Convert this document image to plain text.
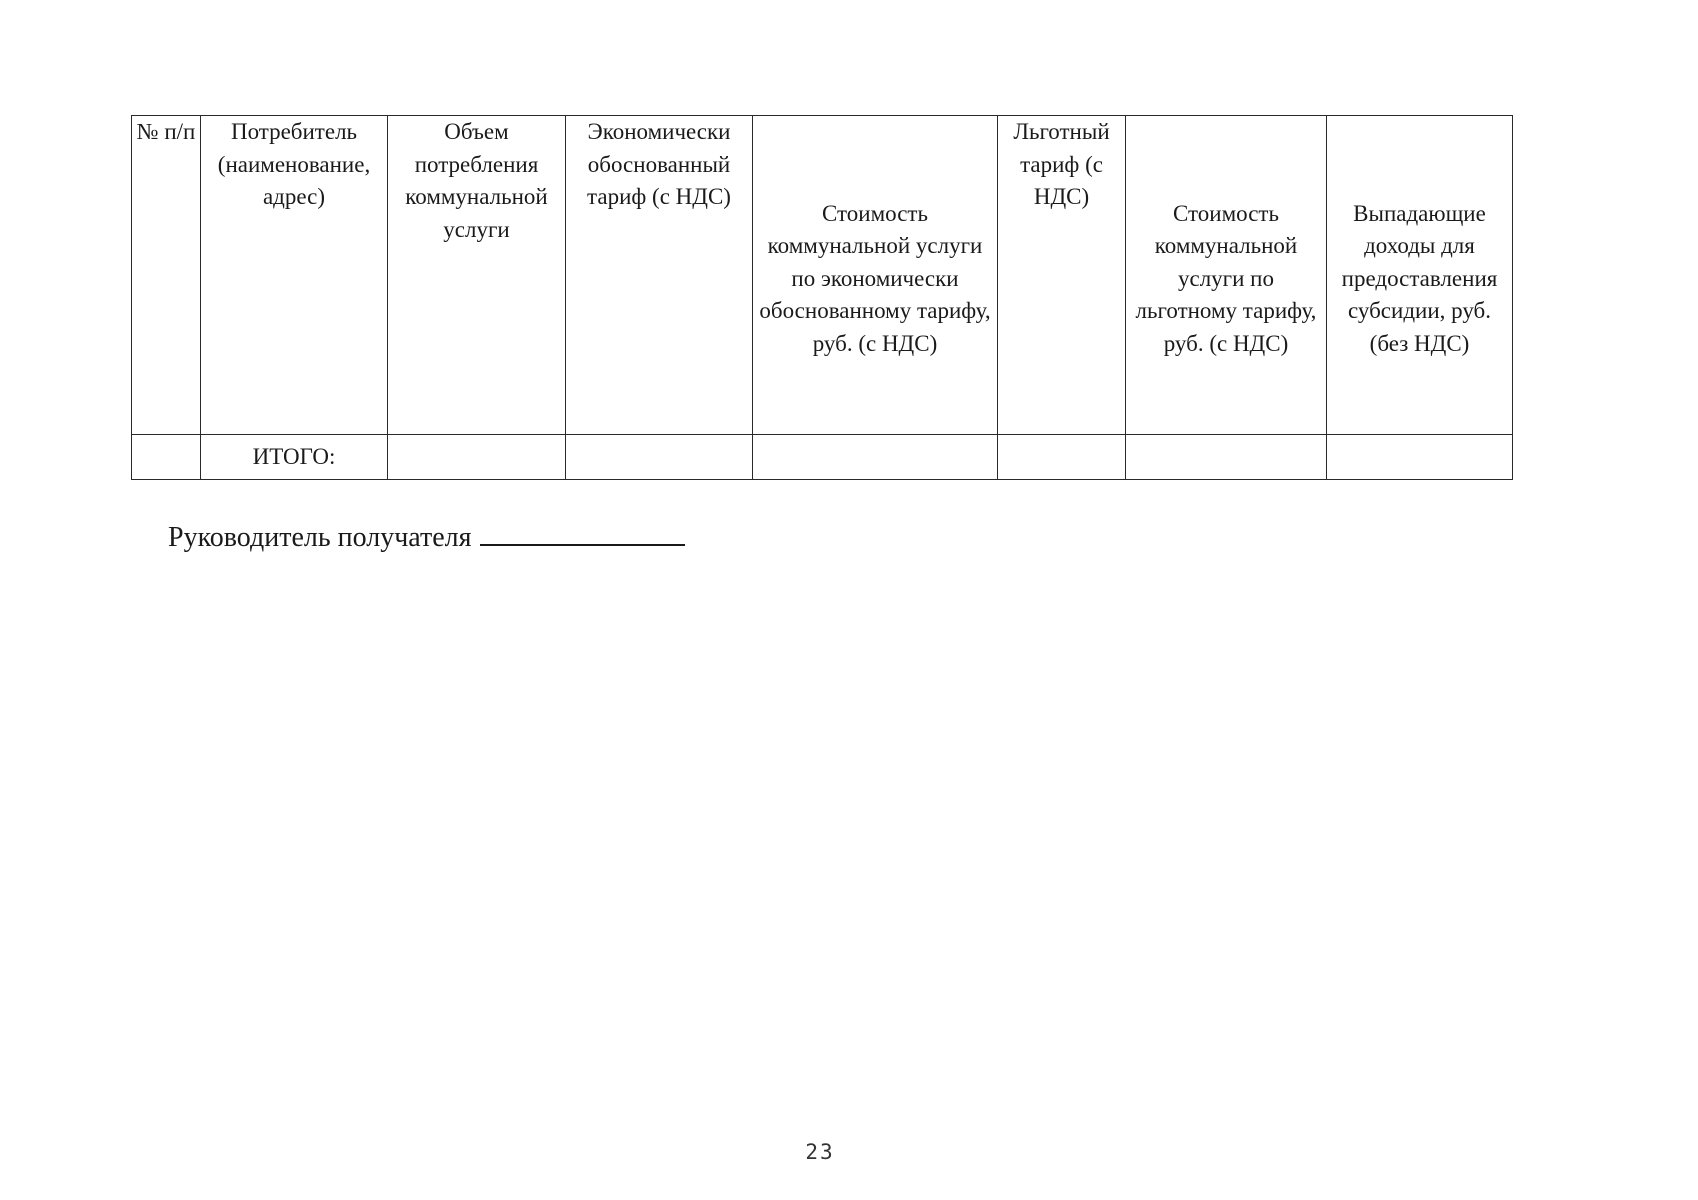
№ п/п	Потребитель (наименование, адрес)	Объем потребления коммунальной услуги	Экономически обоснованный тариф (с НДС)	Стоимость коммунальной услуги по экономически обоснованному тарифу, руб. (с НДС)	Льготный тариф (с НДС)	Стоимость коммунальной услуги по льготному тарифу, руб. (с НДС)	Выпадающие доходы для предоставления субсидии, руб. (без НДС)

	ИТОГО:						
Руководитель получателя
23
